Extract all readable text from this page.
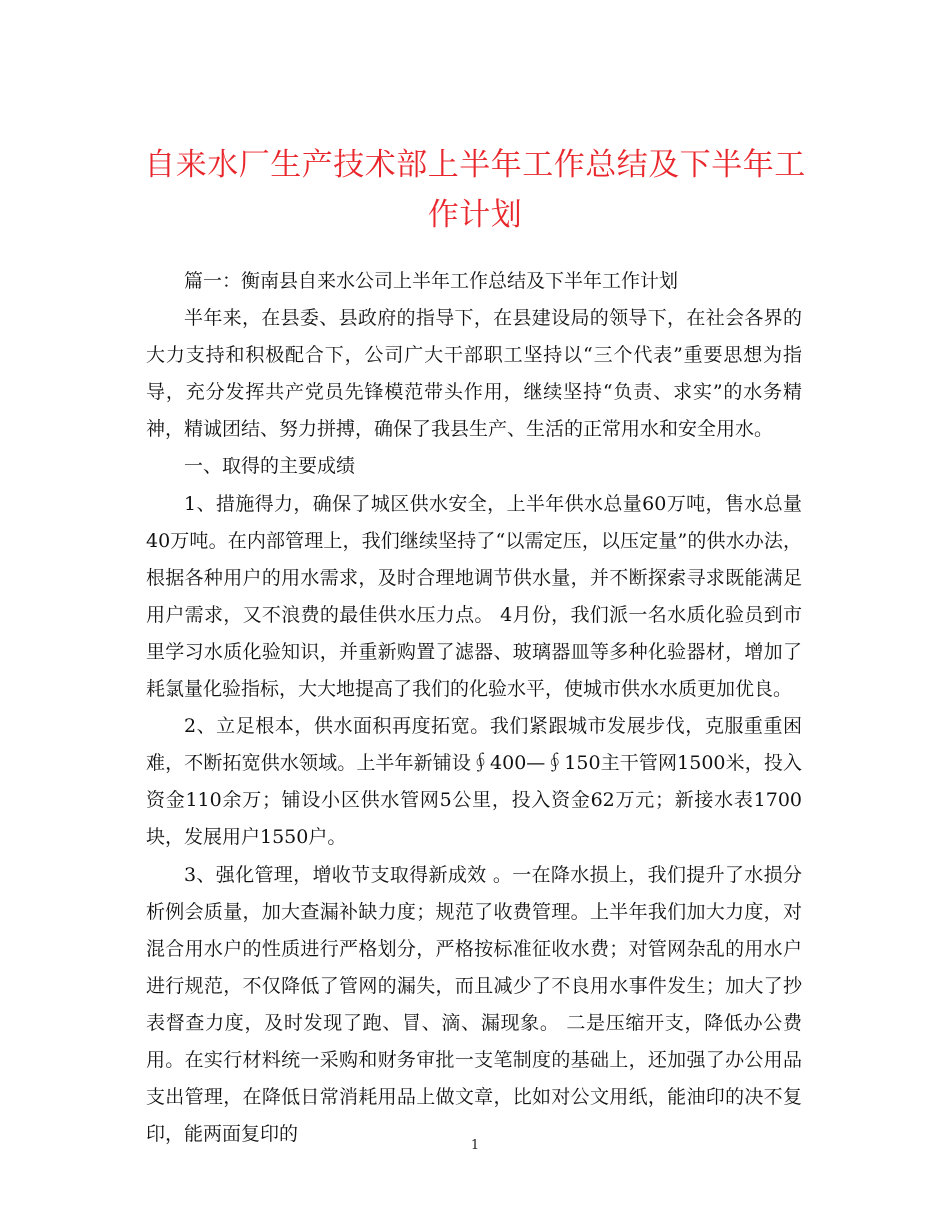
自来水厂生产技术部上半年工作总结及下半年工作计划

篇一：衡南县自来水公司上半年工作总结及下半年工作计划

半年来，在县委、县政府的指导下，在县建设局的领导下，在社会各界的大力支持和积极配合下，公司广大干部职工坚持以“三个代表”重要思想为指导，充分发挥共产党员先锋模范带头作用，继续坚持“负责、求实”的水务精神，精诚团结、努力拼搏，确保了我县生产、生活的正常用水和安全用水。

一、取得的主要成绩

1、措施得力，确保了城区供水安全，上半年供水总量60万吨，售水总量40万吨。在内部管理上，我们继续坚持了“以需定压，以压定量”的供水办法，根据各种用户的用水需求，及时合理地调节供水量，并不断探索寻求既能满足用户需求，又不浪费的最佳供水压力点。 4月份，我们派一名水质化验员到市里学习水质化验知识，并重新购置了滤器、玻璃器皿等多种化验器材，增加了耗氯量化验指标，大大地提高了我们的化验水平，使城市供水水质更加优良。

2、立足根本，供水面积再度拓宽。我们紧跟城市发展步伐，克服重重困难，不断拓宽供水领域。上半年新铺设∮400—∮150主干管网1500米，投入资金110余万；铺设小区供水管网5公里，投入资金62万元；新接水表1700块，发展用户1550户。

3、强化管理，增收节支取得新成效 。一在降水损上，我们提升了水损分析例会质量，加大查漏补缺力度；规范了收费管理。上半年我们加大力度，对混合用水户的性质进行严格划分，严格按标准征收水费；对管网杂乱的用水户进行规范，不仅降低了管网的漏失，而且减少了不良用水事件发生；加大了抄表督查力度，及时发现了跑、冒、滴、漏现象。 二是压缩开支，降低办公费用。在实行材料统一采购和财务审批一支笔制度的基础上，还加强了办公用品支出管理，在降低日常消耗用品上做文章，比如对公文用纸，能油印的决不复印，能两面复印的

1
